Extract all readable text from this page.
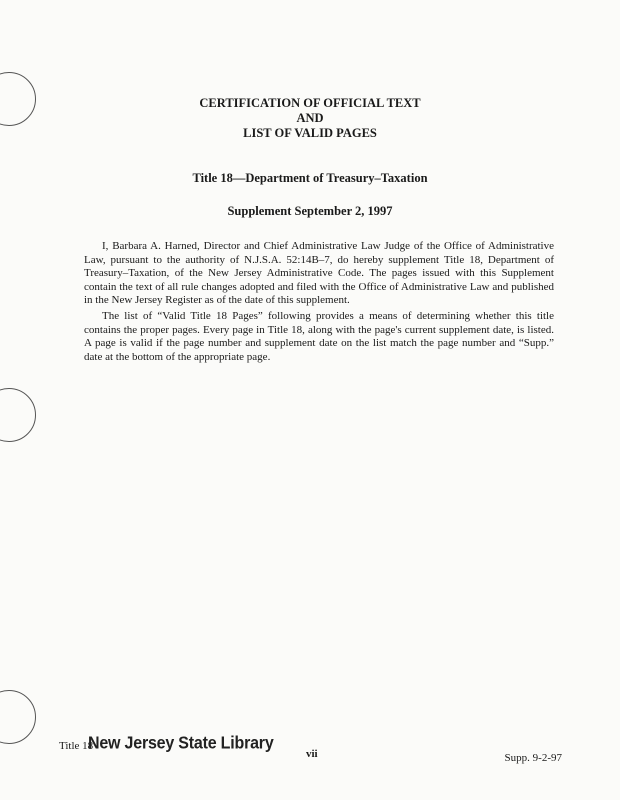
CERTIFICATION OF OFFICIAL TEXT
AND
LIST OF VALID PAGES
Title 18—Department of Treasury–Taxation
Supplement September 2, 1997

I, Barbara A. Harned, Director and Chief Administrative Law Judge of the Office of Administrative Law, pursuant to the authority of N.J.S.A. 52:14B–7, do hereby supplement Title 18, Department of Treasury–Taxation, of the New Jersey Administrative Code. The pages issued with this Supplement contain the text of all rule changes adopted and filed with the Office of Administrative Law and published in the New Jersey Register as of the date of this supplement.

The list of “Valid Title 18 Pages” following provides a means of determining whether this title contains the proper pages. Every page in Title 18, along with the page's current supplement date, is listed. A page is valid if the page number and supplement date on the list match the page number and “Supp.” date at the bottom of the appropriate page.

Title 18
New Jersey State Library
vii	Supp. 9-2-97
